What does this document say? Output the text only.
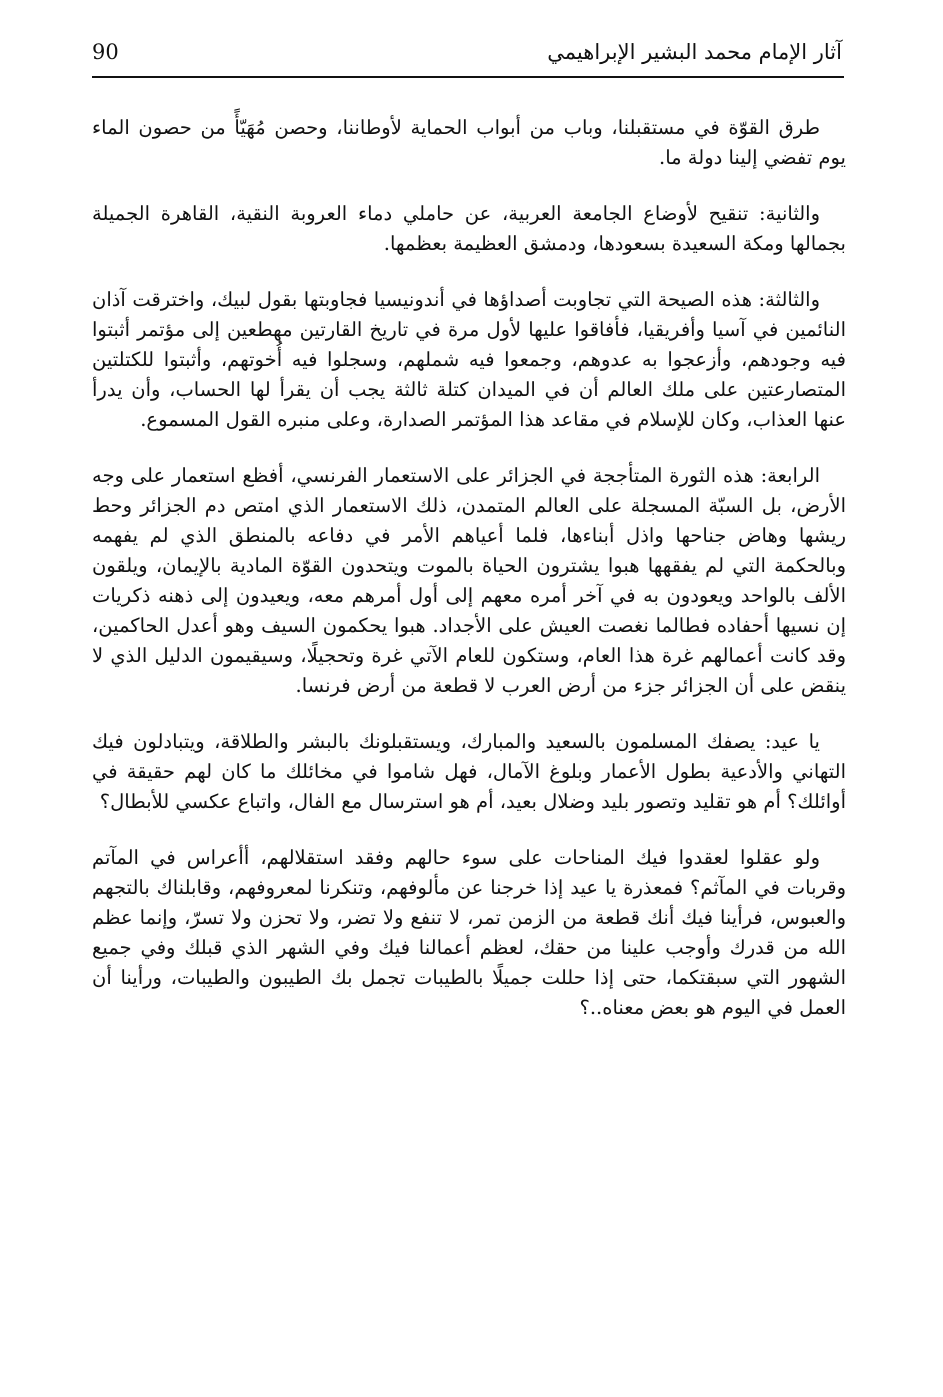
90	آثار الإمام محمد البشير الإبراهيمي

طرق القوّة في مستقبلنا، وباب من أبواب الحماية لأوطاننا، وحصن مُهَيّأً من حصون الماء يوم تفضي إلينا دولة ما.

والثانية: تنقيح لأوضاع الجامعة العربية، عن حاملي دماء العروبة النقية، القاهرة الجميلة بجمالها ومكة السعيدة بسعودها، ودمشق العظيمة بعظمها.

والثالثة: هذه الصيحة التي تجاوبت أصداؤها في أندونيسيا فجاوبتها بقول لبيك، واخترقت آذان النائمين في آسيا وأفريقيا، فأفاقوا عليها لأول مرة في تاريخ القارتين مهطعين إلى مؤتمر أثبتوا فيه وجودهم، وأزعجوا به عدوهم، وجمعوا فيه شملهم، وسجلوا فيه أُخوتهم، وأثبتوا للكتلتين المتصارعتين على ملك العالم أن في الميدان كتلة ثالثة يجب أن يقرأ لها الحساب، وأن يدرأ عنها العذاب، وكان للإسلام في مقاعد هذا المؤتمر الصدارة، وعلى منبره القول المسموع.

الرابعة: هذه الثورة المتأججة في الجزائر على الاستعمار الفرنسي، أفظع استعمار على وجه الأرض، بل السبّة المسجلة على العالم المتمدن، ذلك الاستعمار الذي امتص دم الجزائر وحط ريشها وهاض جناحها واذل أبناءها، فلما أعياهم الأمر في دفاعه بالمنطق الذي لم يفهمه وبالحكمة التي لم يفقهها هبوا يشترون الحياة بالموت ويتحدون القوّة المادية بالإيمان، ويلقون الألف بالواحد ويعودون به في آخر أمره معهم إلى أول أمرهم معه، ويعيدون إلى ذهنه ذكريات إن نسيها أحفاده فطالما نغصت العيش على الأجداد. هبوا يحكمون السيف وهو أعدل الحاكمين، وقد كانت أعمالهم غرة هذا العام، وستكون للعام الآتي غرة وتحجيلًا، وسيقيمون الدليل الذي لا ينقض على أن الجزائر جزء من أرض العرب لا قطعة من أرض فرنسا.

يا عيد: يصفك المسلمون بالسعيد والمبارك، ويستقبلونك بالبشر والطلاقة، ويتبادلون فيك التهاني والأدعية بطول الأعمار وبلوغ الآمال، فهل شاموا في مخائلك ما كان لهم حقيقة في أوائلك؟ أم هو تقليد وتصور بليد وضلال بعيد، أم هو استرسال مع الفال، واتباع عكسي للأبطال؟

ولو عقلوا لعقدوا فيك المناحات على سوء حالهم وفقد استقلالهم، أأعراس في المآتم وقربات في المآثم؟ فمعذرة يا عيد إذا خرجنا عن مألوفهم، وتنكرنا لمعروفهم، وقابلناك بالتجهم والعبوس، فرأينا فيك أنك قطعة من الزمن تمر، لا تنفع ولا تضر، ولا تحزن ولا تسرّ، وإنما عظم الله من قدرك وأوجب علينا من حقك، لعظم أعمالنا فيك وفي الشهر الذي قبلك وفي جميع الشهور التي سبقتكما، حتى إذا حللت جميلًا بالطيبات تجمل بك الطيبون والطيبات، ورأينا أن العمل في اليوم هو بعض معناه..؟
